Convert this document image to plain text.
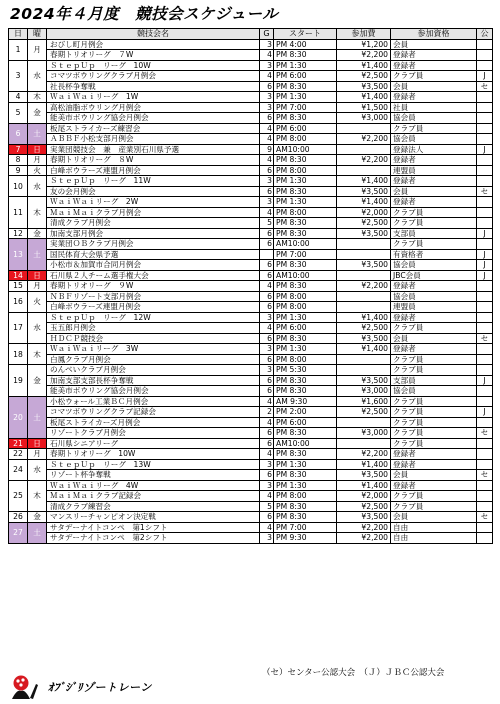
2024年４月度　競技会スケジュール
日	曜	競技会名	G	スタート	参加費	参加資格	公
1	月	おびし町月例会	3	PM 4:00	¥1,200	会員	
		春期トリオリーグ　７W	4	PM 8:30	¥2,200	登録者	
3	水	ＳｔｅｐＵｐ　リーグ　10W	3	PM 1:30	¥1,400	登録者	
		コマツボウリングクラブ月例会	4	PM 6:00	¥2,500	クラブ員	J
		社長杯争奪戦	6	PM 8:30	¥3,500	会員	セ
4	木	ＷａｉＷａｉリーグ　1W	3	PM 1:30	¥1,400	登録者	
5	金	高松油脂ボウリング月例会	3	PM 7:00	¥1,500	社員	
		能美市ボウリング協会月例会	6	PM 8:30	¥3,000	協会員	
6	土	板尾ストライカーズ練習会	4	PM 6:00		クラブ員	
		ＡＢＢＦ小松支部月例会	4	PM 8:00	¥2,200	協会員	
7	日	実業団競技会　兼　産業別石川県予選	9	AM10:00		登録法人	J
8	月	春期トリオリーグ　８W	4	PM 8:30	¥2,200	登録者	
9	火	白峰ボウラーズ連盟月例会	6	PM 8:00		連盟員	
10	水	ＳｔｅｐＵｐ　リーグ　11W	3	PM 1:30	¥1,400	登録者	
		友の会月例会	6	PM 8:30	¥3,500	会員	セ
11	木	ＷａｉＷａｉリーグ　2W	3	PM 1:30	¥1,400	登録者	
		ＭａｉＭａｉクラブ月例会	4	PM 8:00	¥2,000	クラブ員	
		清成クラブ月例会	5	PM 8:30	¥2,500	クラブ員	
12	金	加南支部月例会	6	PM 8:30	¥3,500	支部員	J
13	土	実業団ＯＢクラブ月例会	6	AM10:00		クラブ員	
		国民体育大会県予選		PM 7:00		有資格者	J
		小松市＆加賀市合同月例会	6	PM 8:30	¥3,500	協会員	J
14	日	石川県２人チーム選手権大会	6	AM10:00		JBC会員	J
15	月	春期トリオリーグ　９W	4	PM 8:30	¥2,200	登録者	
16	火	ＮＢＦリゾート支部月例会	6	PM 8:00		協会員	
		白峰ボウラーズ連盟月例会	6	PM 8:00		連盟員	
17	水	ＳｔｅｐＵｐ　リーグ　12W	3	PM 1:30	¥1,400	登録者	
		玉五郎月例会	4	PM 6:00	¥2,500	クラブ員	
		ＨＤＣＰ競技会	6	PM 8:30	¥3,500	会員	セ
18	木	ＷａｉＷａｉリーグ　3W	3	PM 1:30	¥1,400	登録者	
		白鳳クラブ月例会	6	PM 8:00		クラブ員	
19	金	のんべいクラブ月例会	3	PM 5:30		クラブ員	
		加南支部支部長杯争奪戦	6	PM 8:30	¥3,500	支部員	J
		能美市ボウリング協会月例会	6	PM 8:30	¥3,000	協会員	
20	土	小松ウォール工業ＢＣ月例会	4	AM 9:30	¥1,600	クラブ員	
		コマツボウリングクラブ記録会	2	PM 2:00	¥2,500	クラブ員	J
		板尾ストライカーズ月例会	4	PM 6:00		クラブ員	
		リゾートクラブ月例会	6	PM 8:30	¥3,000	クラブ員	セ
21	日	石川県シニアリーグ	6	AM10:00		クラブ員	
22	月	春期トリオリーグ　10W	4	PM 8:30	¥2,200	登録者	
24	水	ＳｔｅｐＵｐ　リーグ　13W	3	PM 1:30	¥1,400	登録者	
		リゾート杯争奪戦	6	PM 8:30	¥3,500	会員	セ
25	木	ＷａｉＷａｉリーグ　4W	3	PM 1:30	¥1,400	登録者	
		ＭａｉＭａｉクラブ記録会	4	PM 8:00	¥2,000	クラブ員	
		清成クラブ練習会	5	PM 8:30	¥2,500	クラブ員	
26	金	マンスリーチャンピオン決定戦	6	PM 8:30	¥3,500	会員	セ
27	土	サタデーナイトコンペ　第1シフト	4	PM 7:00	¥2,200	自由	
		サタデーナイトコンペ　第2シフト	3	PM 9:30	¥2,200	自由	
（セ）センター公認大会　（Ｊ）ＪＢＣ公認大会
ｵﾌﾞｼﾞﾘゾートレーン
